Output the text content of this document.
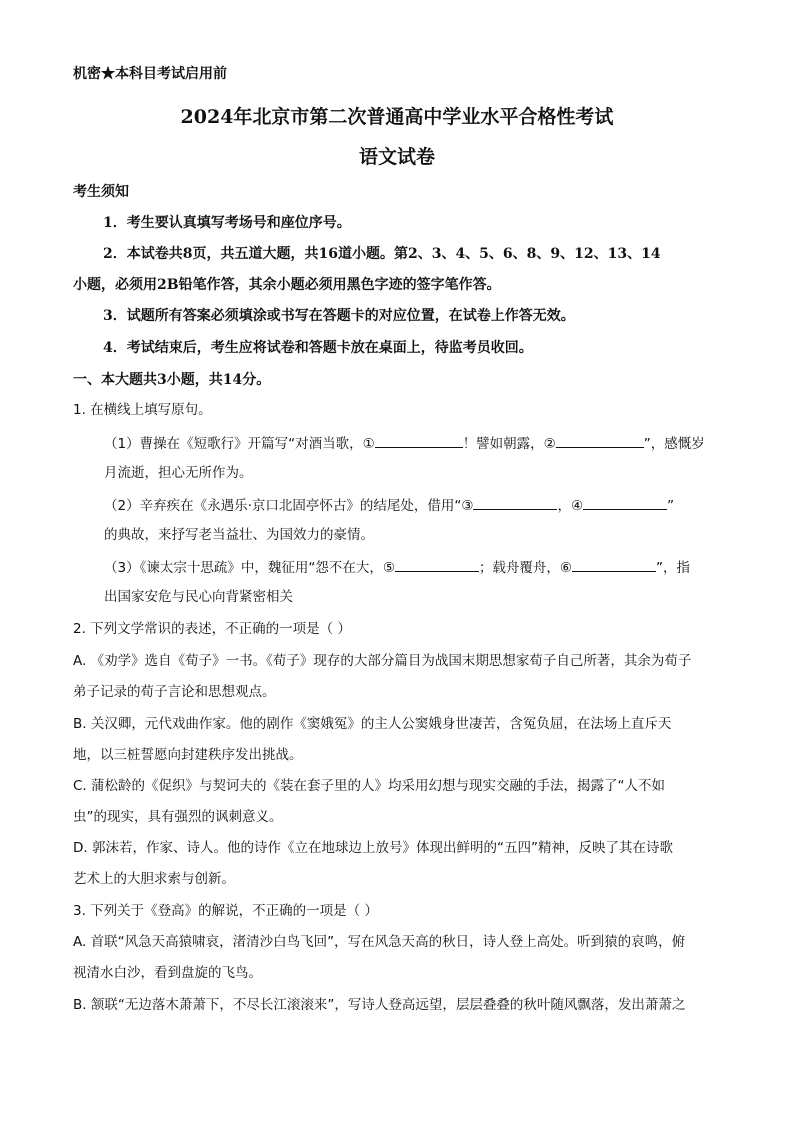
机密★本科目考试启用前
2024年北京市第二次普通高中学业水平合格性考试
语文试卷
考生须知
1．考生要认真填写考场号和座位序号。
2．本试卷共8页，共五道大题，共16道小题。第2、3、4、5、6、8、9、12、13、14
小题，必须用2B铅笔作答，其余小题必须用黑色字迹的签字笔作答。
3．试题所有答案必须填涂或书写在答题卡的对应位置，在试卷上作答无效。
4．考试结束后，考生应将试卷和答题卡放在桌面上，待监考员收回。
一、本大题共3小题，共14分。
1. 在横线上填写原句。
（1）曹操在《短歌行》开篇写“对酒当歌，①	！譬如朝露，②	”，感慨岁
月流逝，担心无所作为。
（2）辛弃疾在《永遇乐·京口北固亭怀古》的结尾处，借用“③	，④	”
的典故，来抒写老当益壮、为国效力的豪情。
（3）《谏太宗十思疏》中，魏征用“怨不在大，⑤	；载舟覆舟，⑥	”，指
出国家安危与民心向背紧密相关
2. 下列文学常识的表述，不正确的一项是（ ）
A. 《劝学》选自《荀子》一书。《荀子》现存的大部分篇目为战国末期思想家荀子自己所著，其余为荀子
弟子记录的荀子言论和思想观点。
B. 关汉卿，元代戏曲作家。他的剧作《窦娥冤》的主人公窦娥身世凄苦，含冤负屈，在法场上直斥天
地，以三桩誓愿向封建秩序发出挑战。
C. 蒲松龄的《促织》与契诃夫的《装在套子里的人》均采用幻想与现实交融的手法，揭露了“人不如
虫”的现实，具有强烈的讽刺意义。
D. 郭沫若，作家、诗人。他的诗作《立在地球边上放号》体现出鲜明的“五四”精神，反映了其在诗歌
艺术上的大胆求索与创新。
3. 下列关于《登高》的解说，不正确的一项是（ ）
A. 首联“风急天高猿啸哀，渚清沙白鸟飞回”，写在风急天高的秋日，诗人登上高处。听到猿的哀鸣，俯
视清水白沙，看到盘旋的飞鸟。
B. 颔联“无边落木萧萧下，不尽长江滚滚来”，写诗人登高远望，层层叠叠的秋叶随风飘落，发出萧萧之
